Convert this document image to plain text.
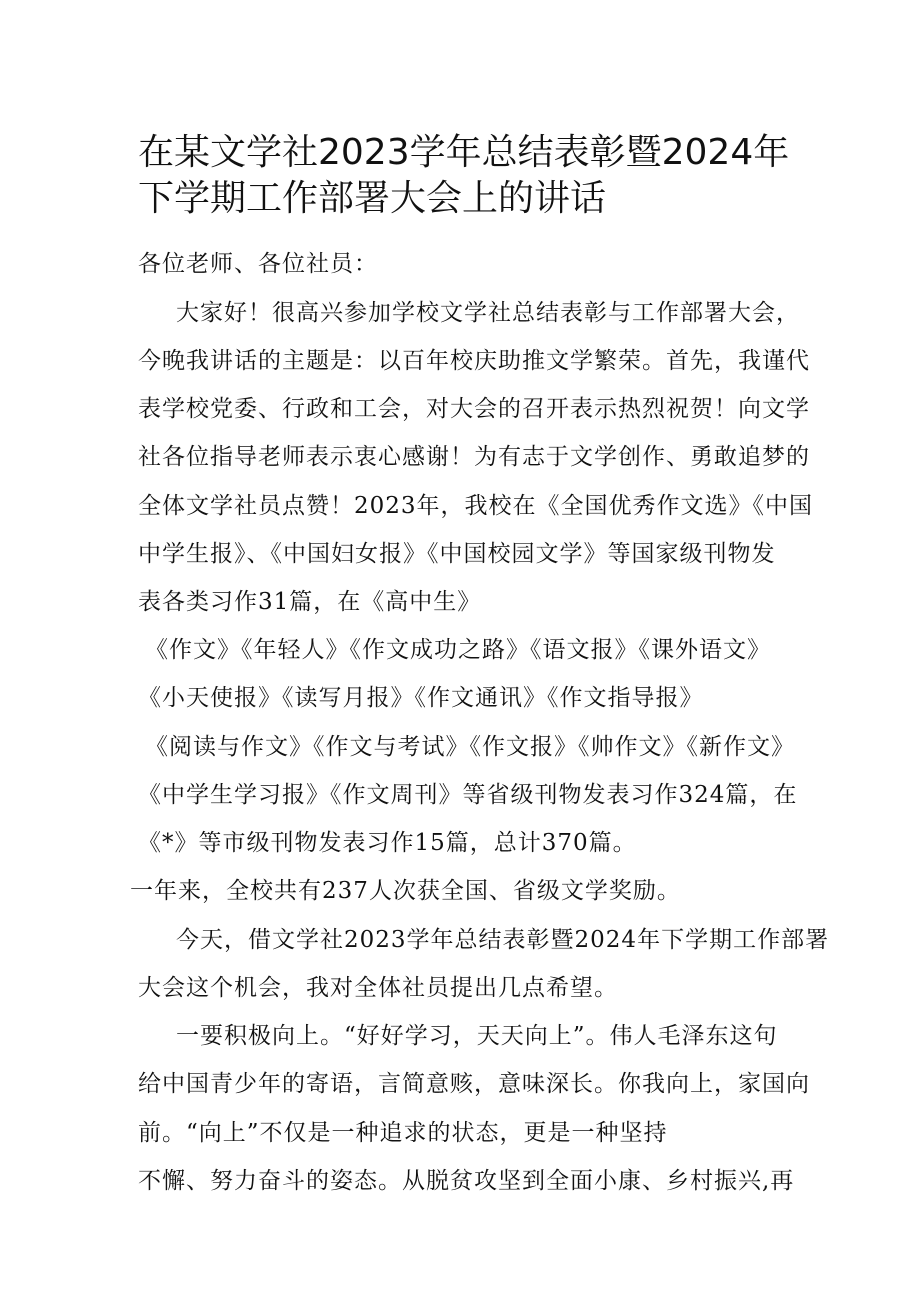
在某文学社2023学年总结表彰暨2024年下学期工作部署大会上的讲话
各位老师、各位社员：
大家好！很高兴参加学校文学社总结表彰与工作部署大会，
今晚我讲话的主题是：以百年校庆助推文学繁荣。首先，我谨代
表学校党委、行政和工会，对大会的召开表示热烈祝贺！向文学
社各位指导老师表示衷心感谢！为有志于文学创作、勇敢追梦的
全体文学社员点赞！2023年，我校在《全国优秀作文选》《中国
中学生报》、《中国妇女报》《中国校园文学》等国家级刊物发
表各类习作31篇，在《高中生》
《作文》《年轻人》《作文成功之路》《语文报》《课外语文》
《小天使报》《读写月报》《作文通讯》《作文指导报》
《阅读与作文》《作文与考试》《作文报》《帅作文》《新作文》
《中学生学习报》《作文周刊》等省级刊物发表习作324篇，在
《*》等市级刊物发表习作15篇，总计370篇。
一年来，全校共有237人次获全国、省级文学奖励。
今天，借文学社2023学年总结表彰暨2024年下学期工作部署
大会这个机会，我对全体社员提出几点希望。
一要积极向上。“好好学习，天天向上”。伟人毛泽东这句
给中国青少年的寄语，言简意赅，意味深长。你我向上，家国向
前。“向上”不仅是一种追求的状态，更是一种坚持
不懈、努力奋斗的姿态。从脱贫攻坚到全面小康、乡村振兴,再
